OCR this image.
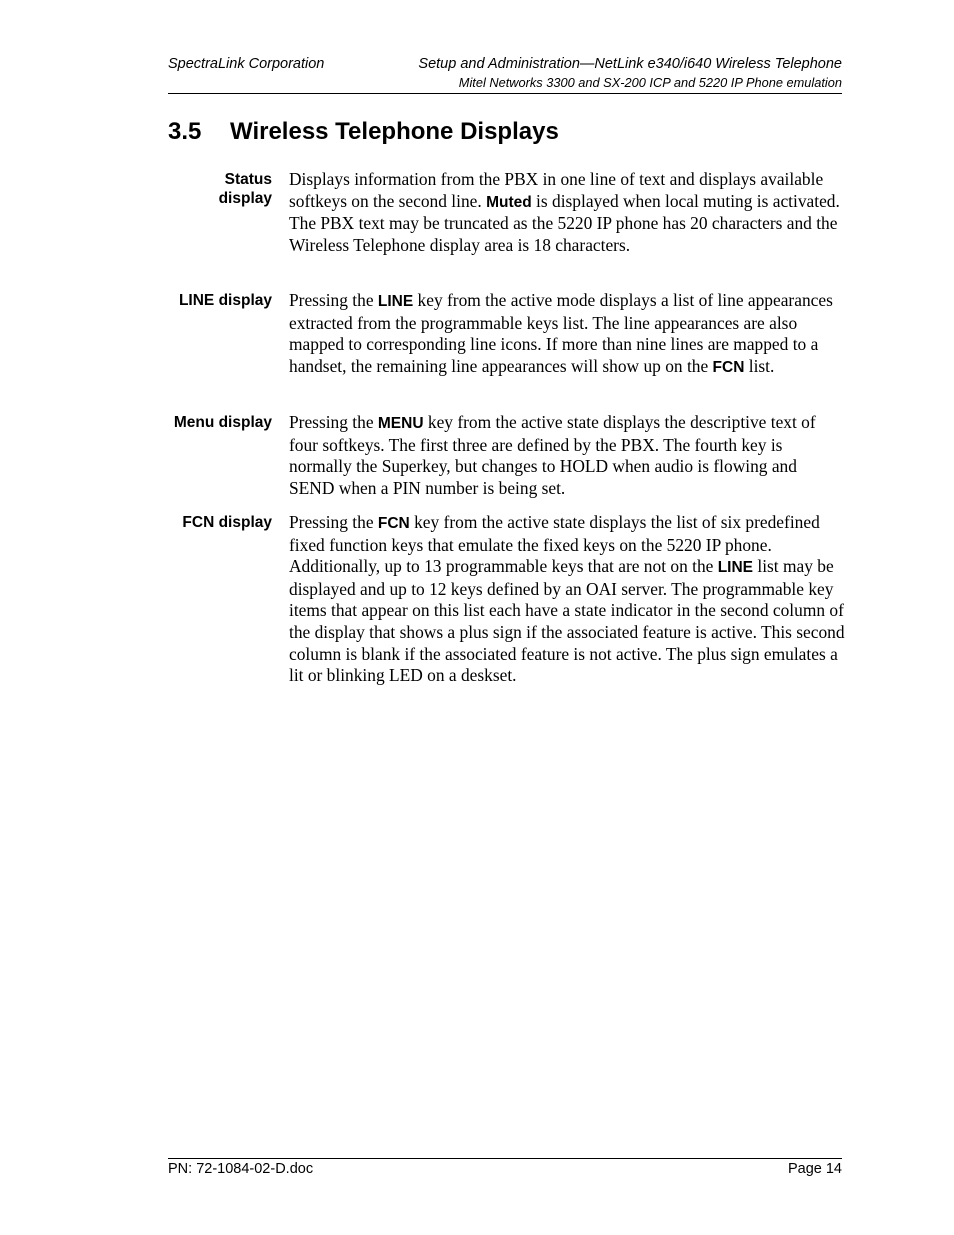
SpectraLink Corporation	Setup and Administration—NetLink e340/i640 Wireless Telephone
Mitel Networks 3300 and SX-200 ICP and 5220 IP Phone emulation
3.5 Wireless Telephone Displays
Status
display
Displays information from the PBX in one line of text and displays available softkeys on the second line. Muted is displayed when local muting is activated. The PBX text may be truncated as the 5220 IP phone has 20 characters and the Wireless Telephone display area is 18 characters.
LINE display Pressing the LINE key from the active mode displays a list of line appearances extracted from the programmable keys list. The line appearances are also mapped to corresponding line icons. If more than nine lines are mapped to a handset, the remaining line appearances will show up on the FCN list.
Menu display Pressing the MENU key from the active state displays the descriptive text of four softkeys. The first three are defined by the PBX. The fourth key is normally the Superkey, but changes to HOLD when audio is flowing and SEND when a PIN number is being set.
FCN display Pressing the FCN key from the active state displays the list of six predefined fixed function keys that emulate the fixed keys on the 5220 IP phone. Additionally, up to 13 programmable keys that are not on the LINE list may be displayed and up to 12 keys defined by an OAI server. The programmable key items that appear on this list each have a state indicator in the second column of the display that shows a plus sign if the associated feature is active. This second column is blank if the associated feature is not active. The plus sign emulates a lit or blinking LED on a deskset.
PN: 72-1084-02-D.doc	Page 14
